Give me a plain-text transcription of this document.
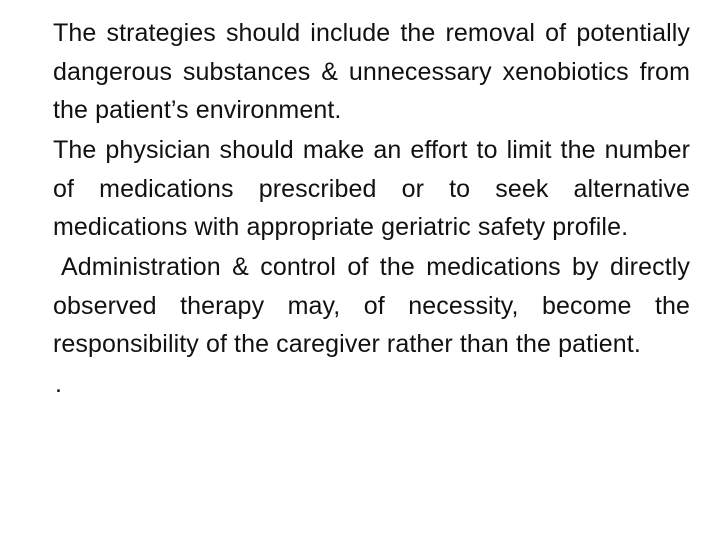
The strategies should include the removal of potentially dangerous substances & unnecessary xenobiotics from the patient’s environment.

The physician should make an effort to limit the number of medications prescribed or to seek alternative medications with appropriate geriatric safety profile.

Administration & control of the medications by directly observed therapy may, of necessity, become the responsibility of the caregiver rather than the patient.

.
